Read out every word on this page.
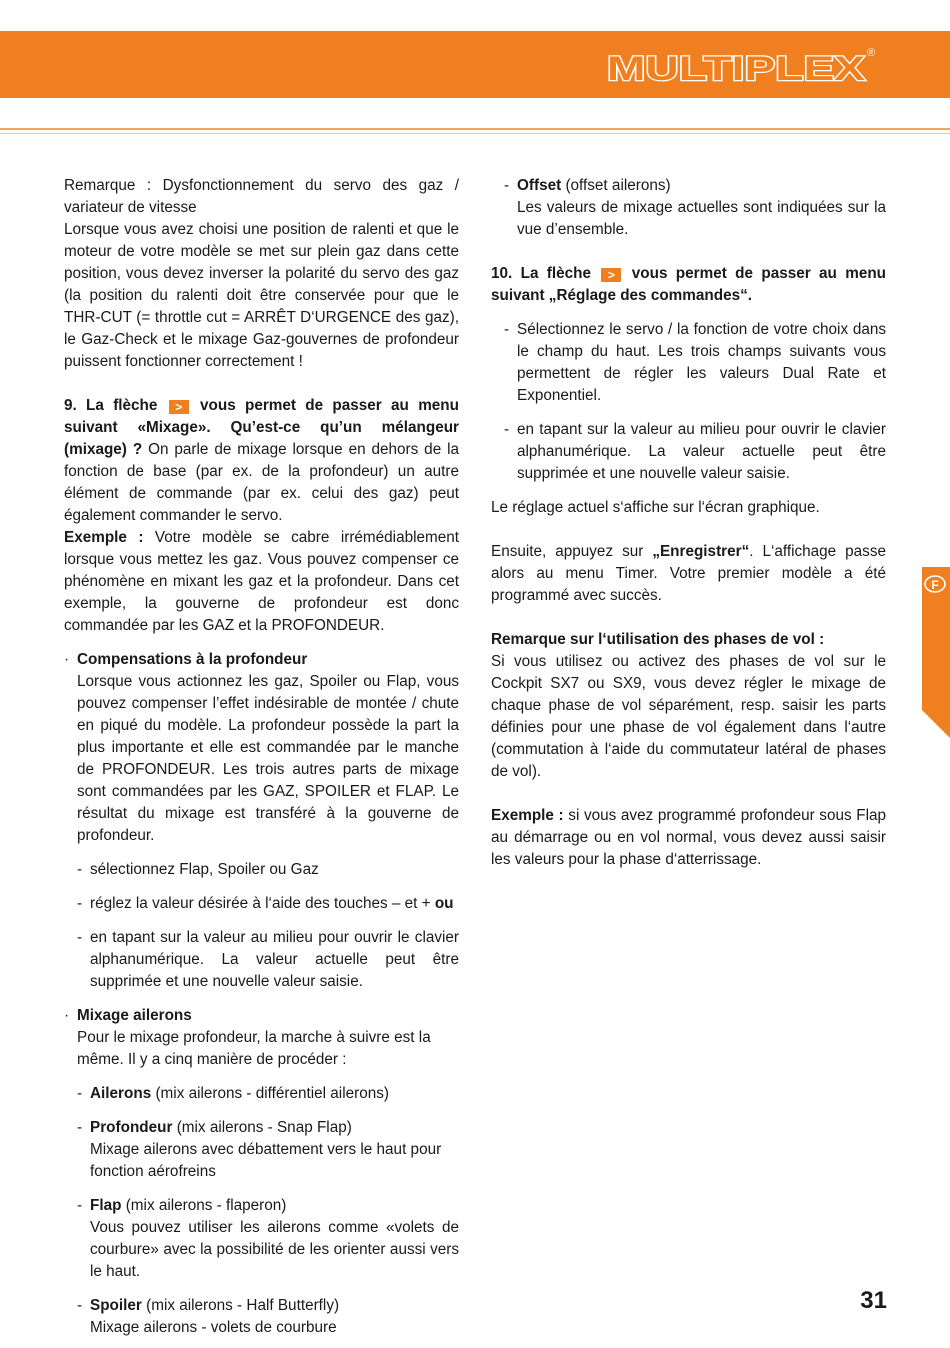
MULTIPLEX ®

Remarque : Dysfonctionnement du servo des gaz / variateur de vitesse

Lorsque vous avez choisi une position de ralenti et que le moteur de votre modèle se met sur plein gaz dans cette position, vous devez inverser la polarité du servo des gaz (la position du ralenti doit être conservée pour que le THR-CUT (= throttle cut = ARRÊT D‘URGENCE des gaz), le Gaz-Check et le mixage Gaz-gouvernes de profondeur puissent fonctionner correctement !

9. La flèche > vous permet de passer au menu suivant «Mixage». Qu’est-ce qu’un mélangeur (mixage) ? On parle de mixage lorsque en dehors de la fonction de base (par ex. de la profondeur) un autre élément de commande (par ex. celui des gaz) peut également commander le servo.

Exemple : Votre modèle se cabre irrémédiablement lorsque vous mettez les gaz. Vous pouvez compenser ce phénomène en mixant les gaz et la profondeur. Dans cet exemple, la gouverne de profondeur est donc commandée par les GAZ et la PROFONDEUR.

· Compensations à la profondeur
Lorsque vous actionnez les gaz, Spoiler ou Flap, vous pouvez compenser l’effet indésirable de montée / chute en piqué du modèle. La profondeur possède la part la plus importante et elle est commandée par le manche de PROFONDEUR. Les trois autres parts de mixage sont commandées par les GAZ, SPOILER et FLAP. Le résultat du mixage est transféré à la gouverne de profondeur.
- sélectionnez Flap, Spoiler ou Gaz
- réglez la valeur désirée à l‘aide des touches – et + ou
- en tapant sur la valeur au milieu pour ouvrir le clavier alphanumérique. La valeur actuelle peut être supprimée et une nouvelle valeur saisie.
· Mixage ailerons
Pour le mixage profondeur, la marche à suivre est la même. Il y a cinq manière de procéder :
- Ailerons (mix ailerons - différentiel ailerons)
- Profondeur (mix ailerons - Snap Flap)
Mixage ailerons avec débattement vers le haut pour fonction aérofreins
- Flap (mix ailerons - flaperon)
Vous pouvez utiliser les ailerons comme «volets de courbure» avec la possibilité de les orienter aussi vers le haut.
- Spoiler (mix ailerons - Half Butterfly)
Mixage ailerons - volets de courbure
- Offset (offset ailerons)
Les valeurs de mixage actuelles sont indiquées sur la vue d’ensemble.

10. La flèche > vous permet de passer au menu suivant „Réglage des commandes“.

- Sélectionnez le servo / la fonction de votre choix dans le champ du haut. Les trois champs suivants vous permettent de régler les valeurs Dual Rate et Exponentiel.
- en tapant sur la valeur au milieu pour ouvrir le clavier alphanumérique. La valeur actuelle peut être supprimée et une nouvelle valeur saisie.

Le réglage actuel s‘affiche sur l‘écran graphique.

Ensuite, appuyez sur „Enregistrer“. L‘affichage passe alors au menu Timer. Votre premier modèle a été programmé avec succès.

Remarque sur l‘utilisation des phases de vol :

Si vous utilisez ou activez des phases de vol sur le Cockpit SX7 ou SX9, vous devez régler le mixage de chaque phase de vol séparément, resp. saisir les parts définies pour une phase de vol également dans l‘autre (commutation à l‘aide du commutateur latéral de phases de vol).

Exemple : si vous avez programmé profondeur sous Flap au démarrage ou en vol normal, vous devez aussi saisir les valeurs pour la phase d‘atterrissage.

F
31
